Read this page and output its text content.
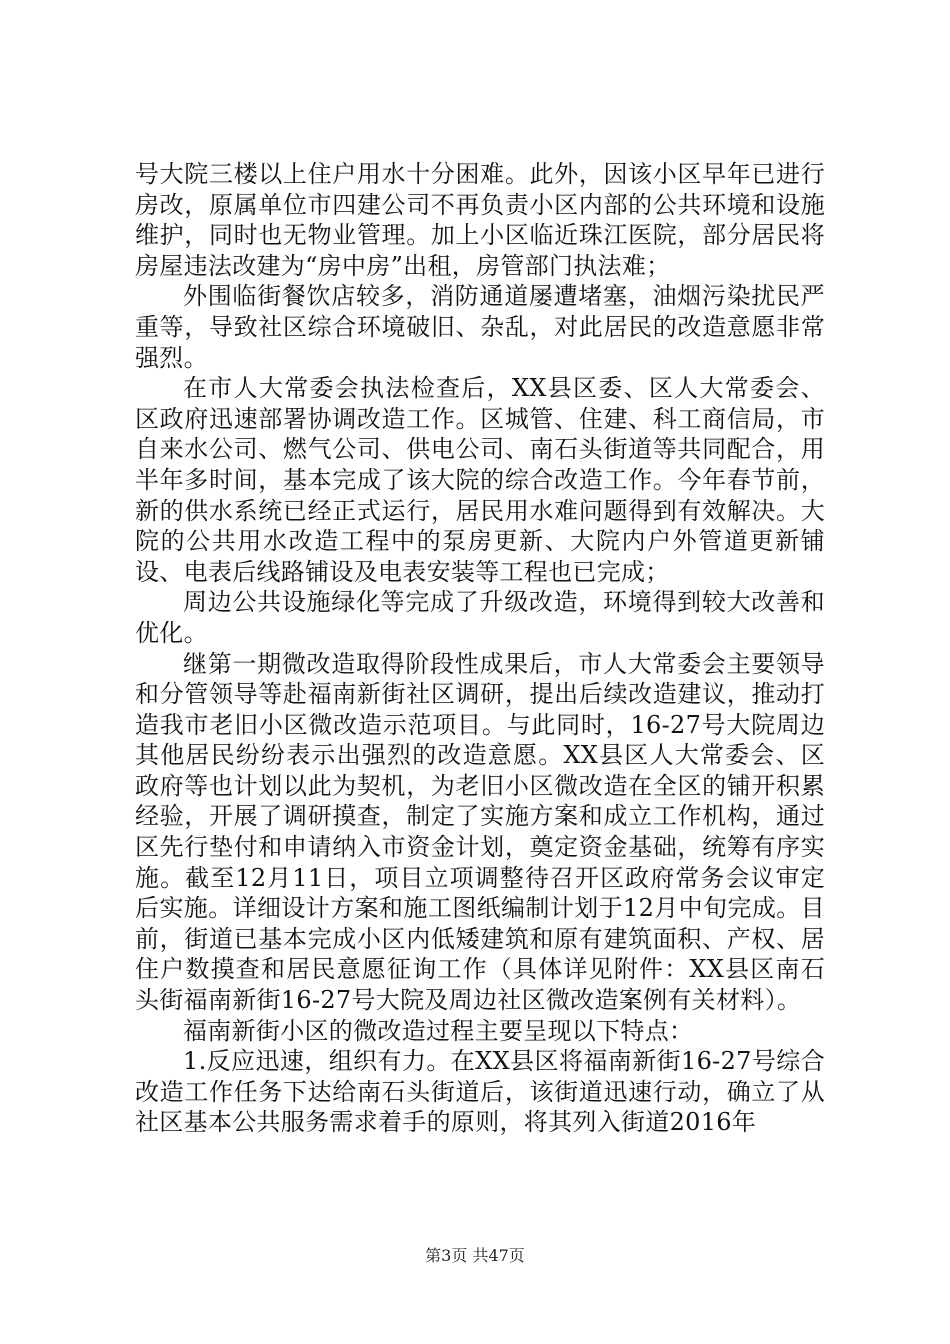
号大院三楼以上住户用水十分困难。此外，因该小区早年已进行房改，原属单位市四建公司不再负责小区内部的公共环境和设施维护，同时也无物业管理。加上小区临近珠江医院，部分居民将房屋违法改建为“房中房”出租，房管部门执法难；

外围临街餐饮店较多，消防通道屡遭堵塞，油烟污染扰民严重等，导致社区综合环境破旧、杂乱，对此居民的改造意愿非常强烈。

在市人大常委会执法检查后，XX县区委、区人大常委会、区政府迅速部署协调改造工作。区城管、住建、科工商信局，市自来水公司、燃气公司、供电公司、南石头街道等共同配合，用半年多时间，基本完成了该大院的综合改造工作。今年春节前，新的供水系统已经正式运行，居民用水难问题得到有效解决。大院的公共用水改造工程中的泵房更新、大院内户外管道更新铺设、电表后线路铺设及电表安装等工程也已完成；

周边公共设施绿化等完成了升级改造，环境得到较大改善和优化。

继第一期微改造取得阶段性成果后，市人大常委会主要领导和分管领导等赴福南新街社区调研，提出后续改造建议，推动打造我市老旧小区微改造示范项目。与此同时，16-27号大院周边其他居民纷纷表示出强烈的改造意愿。XX县区人大常委会、区政府等也计划以此为契机，为老旧小区微改造在全区的铺开积累经验，开展了调研摸查，制定了实施方案和成立工作机构，通过区先行垫付和申请纳入市资金计划，奠定资金基础，统筹有序实施。截至12月11日，项目立项调整待召开区政府常务会议审定后实施。详细设计方案和施工图纸编制计划于12月中旬完成。目前，街道已基本完成小区内低矮建筑和原有建筑面积、产权、居住户数摸查和居民意愿征询工作（具体详见附件：XX县区南石头街福南新街16-27号大院及周边社区微改造案例有关材料）。

福南新街小区的微改造过程主要呈现以下特点：

1.反应迅速，组织有力。在XX县区将福南新街16-27号综合改造工作任务下达给南石头街道后，该街道迅速行动，确立了从社区基本公共服务需求着手的原则，将其列入街道2016年

第3页 共47页
